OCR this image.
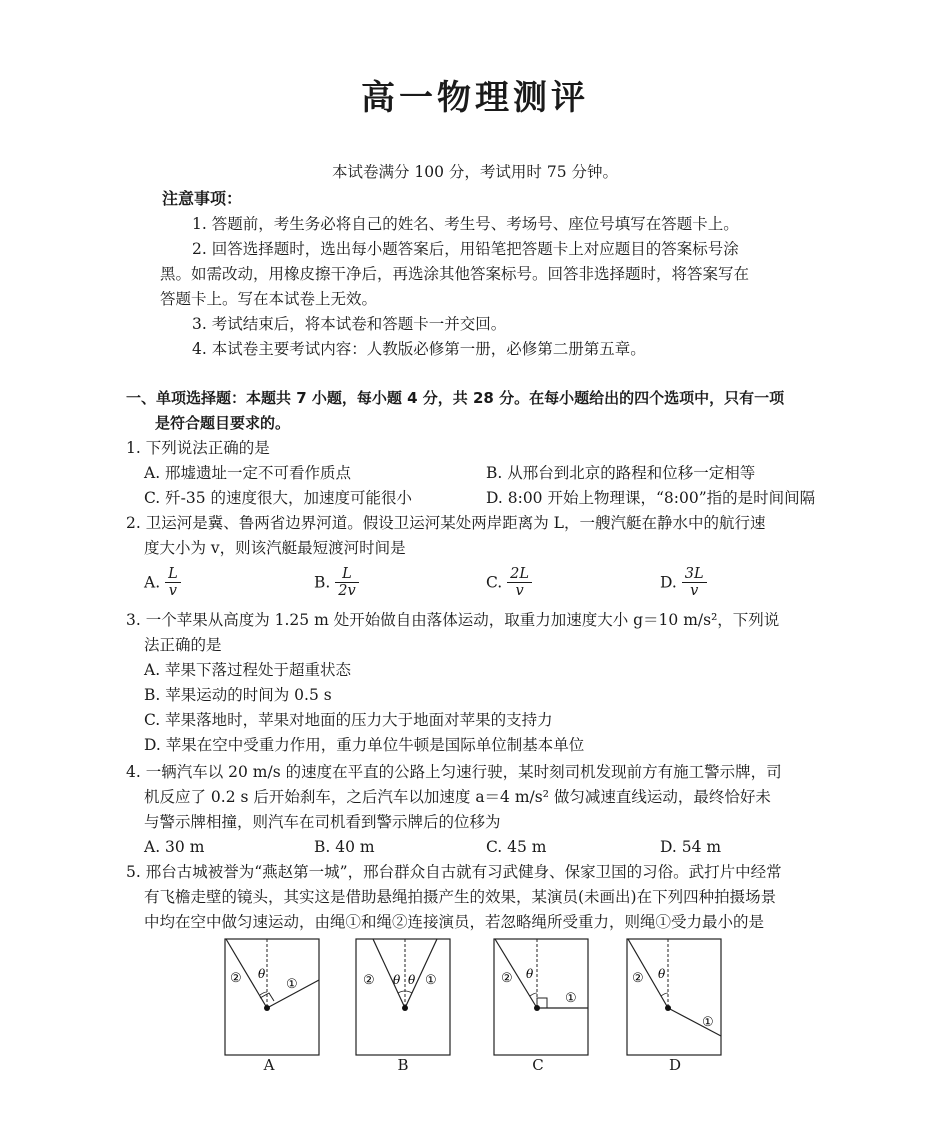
高一物理测评
本试卷满分 100 分，考试用时 75 分钟。
注意事项：
1. 答题前，考生务必将自己的姓名、考生号、考场号、座位号填写在答题卡上。
2. 回答选择题时，选出每小题答案后，用铅笔把答题卡上对应题目的答案标号涂
黑。如需改动，用橡皮擦干净后，再选涂其他答案标号。回答非选择题时，将答案写在
答题卡上。写在本试卷上无效。
3. 考试结束后，将本试卷和答题卡一并交回。
4. 本试卷主要考试内容：人教版必修第一册，必修第二册第五章。
一、单项选择题：本题共 7 小题，每小题 4 分，共 28 分。在每小题给出的四个选项中，只有一项
是符合题目要求的。
1. 下列说法正确的是
A. 邢墟遗址一定不可看作质点	B. 从邢台到北京的路程和位移一定相等
C. 歼-35 的速度很大，加速度可能很小	D. 8:00 开始上物理课，“8:00”指的是时间间隔
2. 卫运河是冀、鲁两省边界河道。假设卫运河某处两岸距离为 L，一艘汽艇在静水中的航行速
度大小为 v，则该汽艇最短渡河时间是
A. $\frac{L}{v}$	B. $\frac{L}{2v}$	C. $\frac{2L}{v}$	D. $\frac{3L}{v}$
3. 一个苹果从高度为 1.25 m 处开始做自由落体运动，取重力加速度大小 g＝10 m/s²，下列说
法正确的是
A. 苹果下落过程处于超重状态
B. 苹果运动的时间为 0.5 s
C. 苹果落地时，苹果对地面的压力大于地面对苹果的支持力
D. 苹果在空中受重力作用，重力单位牛顿是国际单位制基本单位
4. 一辆汽车以 20 m/s 的速度在平直的公路上匀速行驶，某时刻司机发现前方有施工警示牌，司
机反应了 0.2 s 后开始刹车，之后汽车以加速度 a＝4 m/s² 做匀减速直线运动，最终恰好未
与警示牌相撞，则汽车在司机看到警示牌后的位移为
A. 30 m	B. 40 m	C. 45 m	D. 54 m
5. 邢台古城被誉为“燕赵第一城”，邢台群众自古就有习武健身、保家卫国的习俗。武打片中经常
有飞檐走壁的镜头，其实这是借助悬绳拍摄产生的效果，某演员(未画出)在下列四种拍摄场景
中均在空中做匀速运动，由绳①和绳②连接演员，若忽略绳所受重力，则绳①受力最小的是
② θ
①
A
② θ θ ①
B
② θ
①
C
② θ
①
D
